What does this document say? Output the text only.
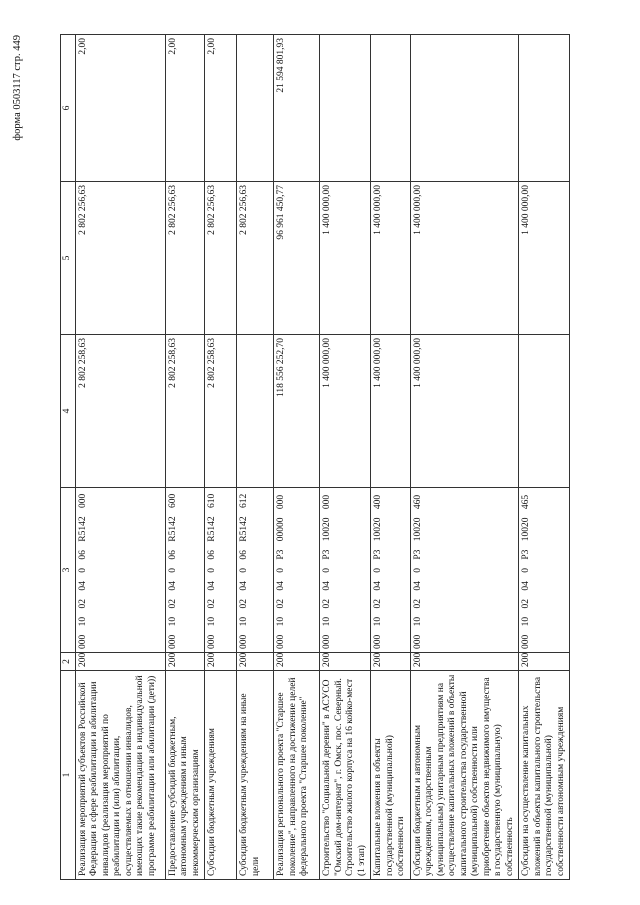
форма 0503117 стр. 449
1	2	3	4	5	6
Реализация мероприятий субъектов Российской Федерации в сфере реабилитации и абилитации инвалидов (реализация мероприятий по реабилитации и (или) абилитации, осуществляемых в отношении инвалидов, имеющих такие рекомендации в индивидуальной программе реабилитации или абилитации (дети))	200	000 10 02 04 0 06 R5142 000	2 802 258,63	2 802 256,63	2,00
Предоставление субсидий бюджетным, автономным учреждениям и иным некоммерческим организациям	200	000 10 02 04 0 06 R5142 600	2 802 258,63	2 802 256,63	2,00
Субсидии бюджетным учреждениям	200	000 10 02 04 0 06 R5142 610	2 802 258,63	2 802 256,63	2,00
Субсидии бюджетным учреждениям на иные цели	200	000 10 02 04 0 06 R5142 612		2 802 256,63	
Реализация регионального проекта "Старшее поколение", направленного на достижение целей федерального проекта "Старшее поколение"	200	000 10 02 04 0 P3 00000 000	118 556 252,70	96 961 450,77	21 594 801,93
Строительство "Социальной деревни" в АСУСО "Омский дом-интернат", г. Омск, пос. Северный. Строительство жилого корпуса на 16 койко-мест (1 этап)	200	000 10 02 04 0 P3 10020 000	1 400 000,00	1 400 000,00	
Капитальные вложения в объекты государственной (муниципальной) собственности	200	000 10 02 04 0 P3 10020 400	1 400 000,00	1 400 000,00	
Субсидии бюджетным и автономным учреждениям, государственным (муниципальным) унитарным предприятиям на осуществление капитальных вложений в объекты капитального строительства государственной (муниципальной) собственности или приобретение объектов недвижимого имущества в государственную (муниципальную) собственность	200	000 10 02 04 0 P3 10020 460	1 400 000,00	1 400 000,00	
Субсидии на осуществление капитальных вложений в объекты капитального строительства государственной (муниципальной) собственности автономным учреждениям	200	000 10 02 04 0 P3 10020 465		1 400 000,00	
